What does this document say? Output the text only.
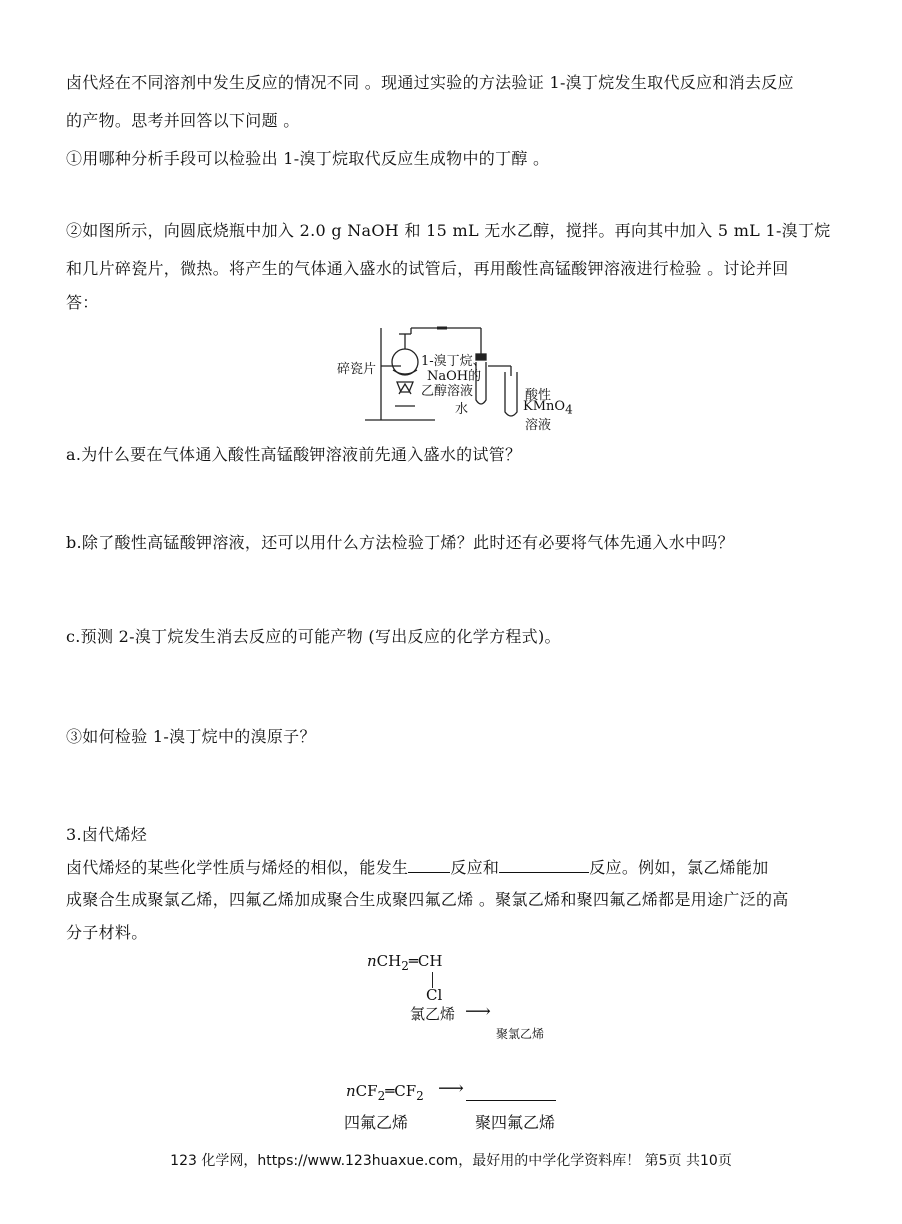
卤代烃在不同溶剂中发生反应的情况不同 。现通过实验的方法验证 1-溴丁烷发生取代反应和消去反应
的产物。思考并回答以下问题 。
①用哪种分析手段可以检验出 1-溴丁烷取代反应生成物中的丁醇 。
②如图所示，向圆底烧瓶中加入 2.0 g NaOH 和 15 mL 无水乙醇，搅拌。再向其中加入 5 mL 1-溴丁烷
和几片碎瓷片，微热。将产生的气体通入盛水的试管后，再用酸性高锰酸钾溶液进行检验 。讨论并回
答：
碎瓷片
1-溴丁烷、
NaOH的
乙醇溶液
水
酸性
KMnO$_4$
溶液
a.为什么要在气体通入酸性高锰酸钾溶液前先通入盛水的试管？
b.除了酸性高锰酸钾溶液，还可以用什么方法检验丁烯？此时还有必要将气体先通入水中吗？
c.预测 2-溴丁烷发生消去反应的可能产物 (写出反应的化学方程式)。
③如何检验 1-溴丁烷中的溴原子？
3.卤代烯烃
卤代烯烃的某些化学性质与烯烃的相似，能发生	反应和	反应。例如，氯乙烯能加
成聚合生成聚氯乙烯，四氟乙烯加成聚合生成聚四氟乙烯 。聚氯乙烯和聚四氟乙烯都是用途广泛的高
分子材料。
nCH$_2$═CH
Cl
氯乙烯 ⟶
聚氯乙烯
$nCF_2═CF_2$ ⟶
四氟乙烯	聚四氟乙烯
123 化学网，https://www.123huaxue.com，最好用的中学化学资料库！ 第5页 共10页
